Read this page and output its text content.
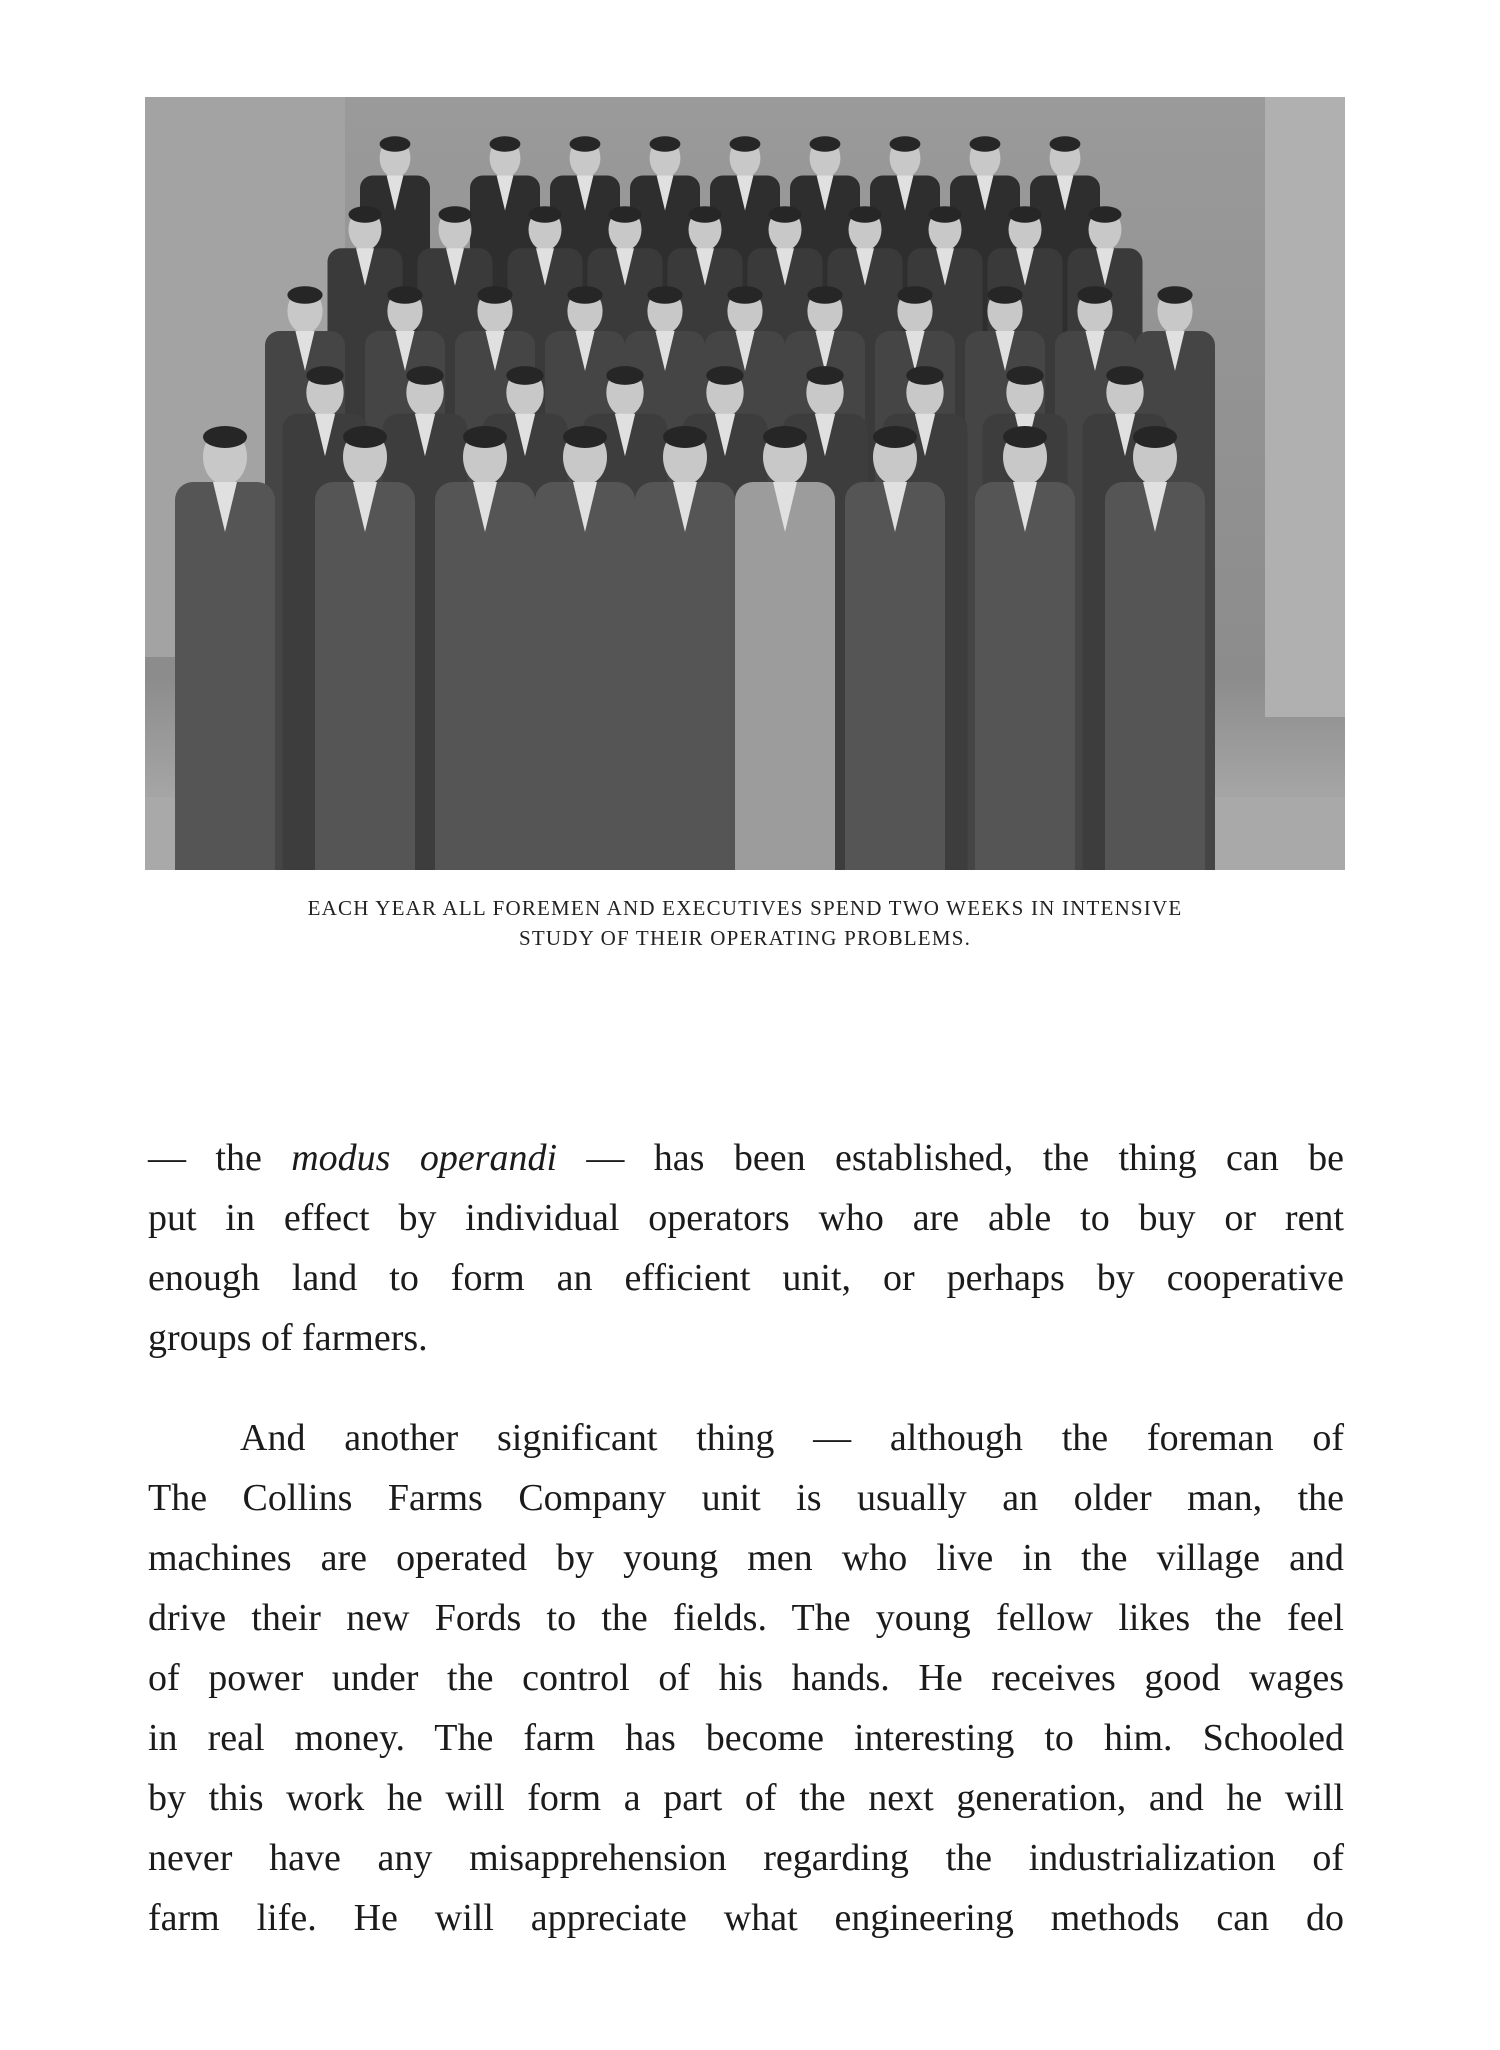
EACH YEAR ALL FOREMEN AND EXECUTIVES SPEND TWO WEEKS IN INTENSIVE
STUDY OF THEIR OPERATING PROBLEMS.
— the modus operandi — has been established, the thing can be
put in effect by individual operators who are able to buy or rent
enough land to form an efficient unit, or perhaps by cooperative
groups of farmers.
And another significant thing — although the foreman of
The Collins Farms Company unit is usually an older man, the
machines are operated by young men who live in the village and
drive their new Fords to the fields. The young fellow likes the feel
of power under the control of his hands. He receives good wages
in real money. The farm has become interesting to him. Schooled
by this work he will form a part of the next generation, and he will
never have any misapprehension regarding the industrialization of
farm life. He will appreciate what engineering methods can do
